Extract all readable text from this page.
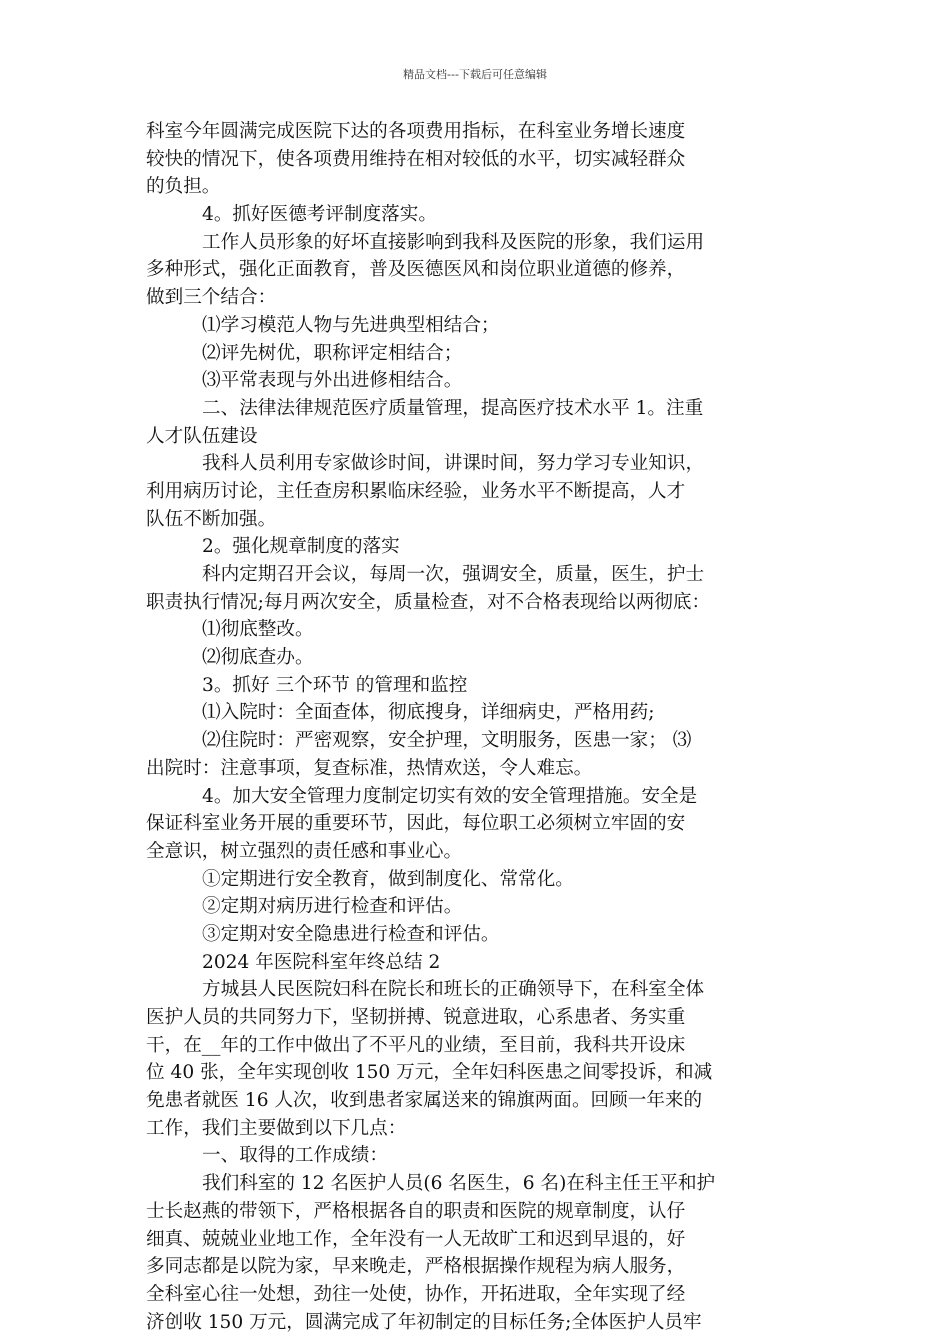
精品文档---下载后可任意编辑
科室今年圆满完成医院下达的各项费用指标，在科室业务增长速度
较快的情况下，使各项费用维持在相对较低的水平，切实减轻群众
的负担。
4。抓好医德考评制度落实。
工作人员形象的好坏直接影响到我科及医院的形象，我们运用
多种形式，强化正面教育，普及医德医风和岗位职业道德的修养，
做到三个结合：
⑴学习模范人物与先进典型相结合；
⑵评先树优，职称评定相结合；
⑶平常表现与外出进修相结合。
二、法律法律规范医疗质量管理，提高医疗技术水平 1。注重
人才队伍建设
我科人员利用专家做诊时间，讲课时间，努力学习专业知识，
利用病历讨论，主任查房积累临床经验，业务水平不断提高，人才
队伍不断加强。
2。强化规章制度的落实
科内定期召开会议，每周一次，强调安全，质量，医生，护士
职责执行情况;每月两次安全，质量检查，对不合格表现给以两彻底：
⑴彻底整改。
⑵彻底查办。
3。抓好 三个环节 的管理和监控
⑴入院时：全面查体，彻底搜身，详细病史，严格用药;
⑵住院时：严密观察，安全护理，文明服务，医患一家； ⑶
出院时：注意事项，复查标准，热情欢送，令人难忘。
4。加大安全管理力度制定切实有效的安全管理措施。安全是
保证科室业务开展的重要环节，因此，每位职工必须树立牢固的安
全意识，树立强烈的责任感和事业心。
①定期进行安全教育，做到制度化、常常化。
②定期对病历进行检查和评估。
③定期对安全隐患进行检查和评估。
2024 年医院科室年终总结 2
方城县人民医院妇科在院长和班长的正确领导下，在科室全体
医护人员的共同努力下，坚韧拼搏、锐意进取，心系患者、务实重
干，在__年的工作中做出了不平凡的业绩，至目前，我科共开设床
位 40 张，全年实现创收 150 万元，全年妇科医患之间零投诉，和减
免患者就医 16 人次，收到患者家属送来的锦旗两面。回顾一年来的
工作，我们主要做到以下几点：
一、取得的工作成绩：
我们科室的 12 名医护人员(6 名医生，6 名)在科主任王平和护
士长赵燕的带领下，严格根据各自的职责和医院的规章制度，认仔
细真、兢兢业业地工作，全年没有一人无故旷工和迟到早退的，好
多同志都是以院为家，早来晚走，严格根据操作规程为病人服务，
全科室心往一处想，劲往一处使，协作，开拓进取，全年实现了经
济创收 150 万元，圆满完成了年初制定的目标任务;全体医护人员牢
